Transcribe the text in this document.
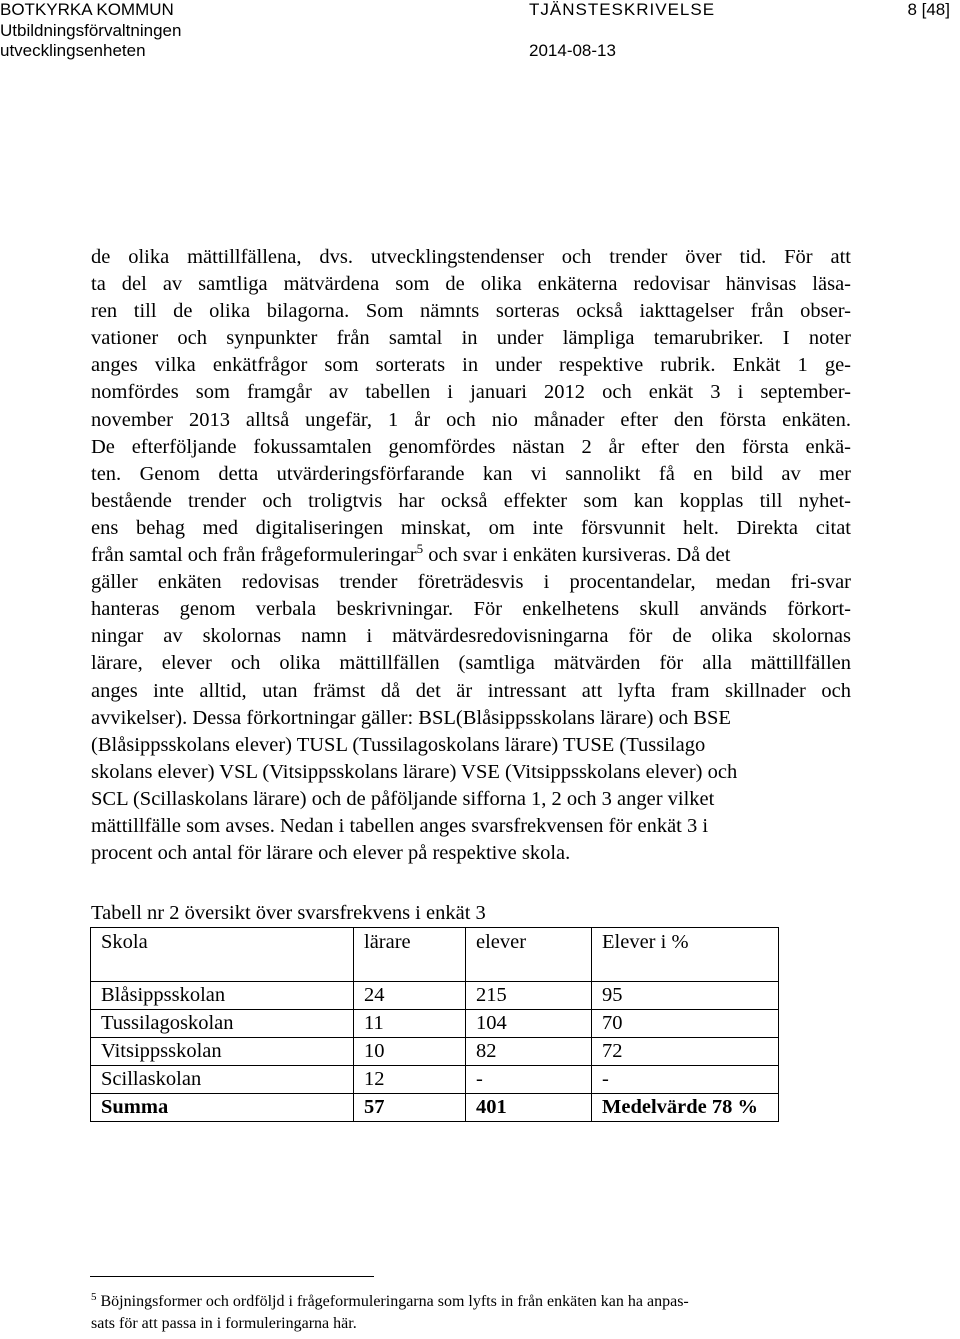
BOTKYRKA KOMMUN
Utbildningsförvaltningen
utvecklingsenheten
TJÄNSTESKRIVELSE
2014-08-13
8 [48]
de olika mättillfällena, dvs. utvecklingstendenser och trender över tid. För att
ta del av samtliga mätvärdena som de olika enkäterna redovisar hänvisas läsa-
ren till de olika bilagorna. Som nämnts sorteras också iakttagelser från obser-
vationer och synpunkter från samtal in under lämpliga temarubriker. I noter
anges vilka enkätfrågor som sorterats in under respektive rubrik. Enkät 1 ge-
nomfördes som framgår av tabellen i januari 2012 och enkät 3 i september-
november 2013 alltså ungefär, 1 år och nio månader efter den första enkäten.
De efterföljande fokussamtalen genomfördes nästan 2 år efter den första enkä-
ten. Genom detta utvärderingsförfarande kan vi sannolikt få en bild av mer
bestående trender och troligtvis har också effekter som kan kopplas till nyhet-
ens behag med digitaliseringen minskat, om inte försvunnit helt. Direkta citat
från samtal och från frågeformuleringar$^5$ och svar i enkäten kursiveras. Då det
gäller enkäten redovisas trender företrädesvis i procentandelar, medan fri-svar
hanteras genom verbala beskrivningar. För enkelhetens skull används förkort-
ningar av skolornas namn i mätvärdesredovisningarna för de olika skolornas
lärare, elever och olika mättillfällen (samtliga mätvärden för alla mättillfällen
anges inte alltid, utan främst då det är intressant att lyfta fram skillnader och
avvikelser). Dessa förkortningar gäller: BSL(Blåsippsskolans lärare) och BSE
(Blåsippsskolans elever) TUSL (Tussilagoskolans lärare) TUSE (Tussilago
skolans elever) VSL (Vitsippsskolans lärare) VSE (Vitsippsskolans elever) och
SCL (Scillaskolans lärare) och de påföljande sifforna 1, 2 och 3 anger vilket
mättillfälle som avses. Nedan i tabellen anges svarsfrekvensen för enkät 3 i
procent och antal för lärare och elever på respektive skola.
Tabell nr 2 översikt över svarsfrekvens i enkät 3
Skola	lärare	elever	Elever i %
Blåsippsskolan	24	215	95
Tussilagoskolan	11	104	70
Vitsippsskolan	10	82	72
Scillaskolan	12	-	-
Summa	57	401	Medelvärde 78 %
$^5$ Böjningsformer och ordföljd i frågeformuleringarna som lyfts in från enkäten kan ha anpas-
sats för att passa in i formuleringarna här.
